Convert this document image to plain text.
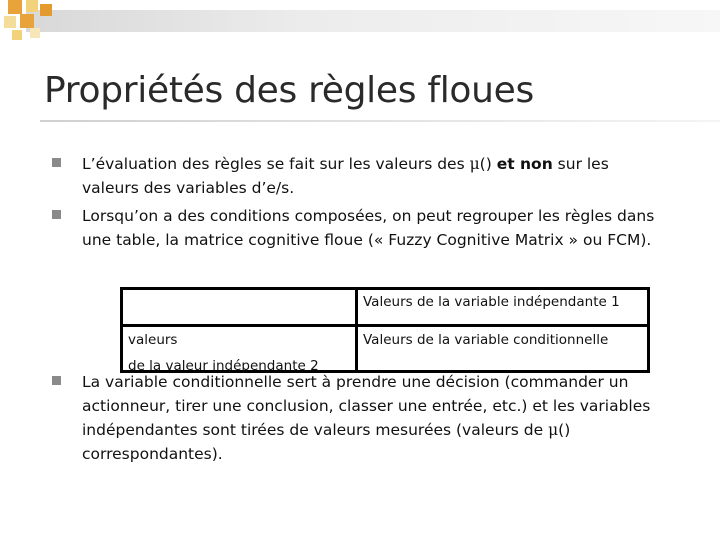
Propriétés des règles floues
L’évaluation des règles se fait sur les valeurs des μ() et non sur les
valeurs des variables d’e/s.
Lorsqu’on a des conditions composées, on peut regrouper les règles dans
une table, la matrice cognitive floue (« Fuzzy Cognitive Matrix » ou FCM).
La variable conditionnelle sert à prendre une décision (commander un
actionneur, tirer une conclusion, classer une entrée, etc.) et les variables
indépendantes sont tirées de valeurs mesurées (valeurs de μ()
correspondantes).
Valeurs de la variable indépendante 1
valeurs
de la valeur indépendante 2
Valeurs de la variable conditionnelle
